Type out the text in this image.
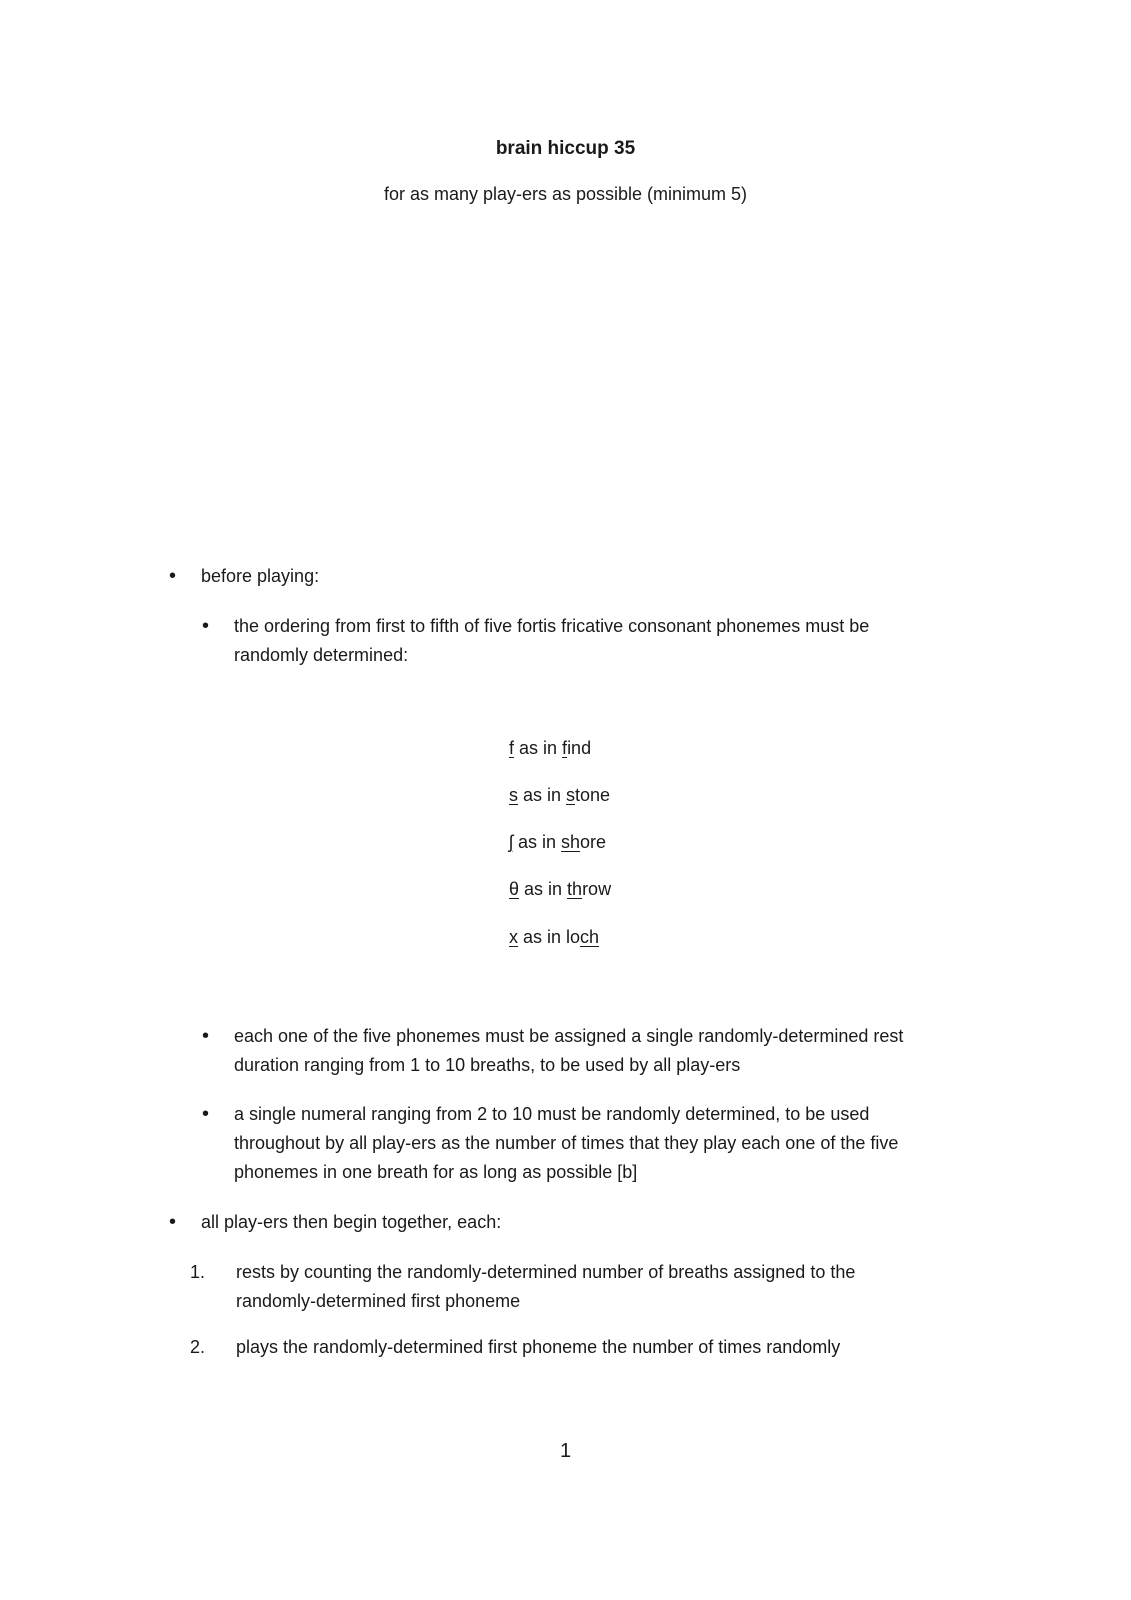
brain hiccup 35
for as many play-ers as possible (minimum 5)
• before playing:
• the ordering from first to fifth of five fortis fricative consonant phonemes must be
randomly determined:
f as in find
s as in stone
ʃ as in shore
θ as in throw
x as in loch
• each one of the five phonemes must be assigned a single randomly-determined rest
duration ranging from 1 to 10 breaths, to be used by all play-ers
• a single numeral ranging from 2 to 10 must be randomly determined, to be used
throughout by all play-ers as the number of times that they play each one of the five
phonemes in one breath for as long as possible [b]
• all play-ers then begin together, each:
1. rests by counting the randomly-determined number of breaths assigned to the
randomly-determined first phoneme
2. plays the randomly-determined first phoneme the number of times randomly
1
